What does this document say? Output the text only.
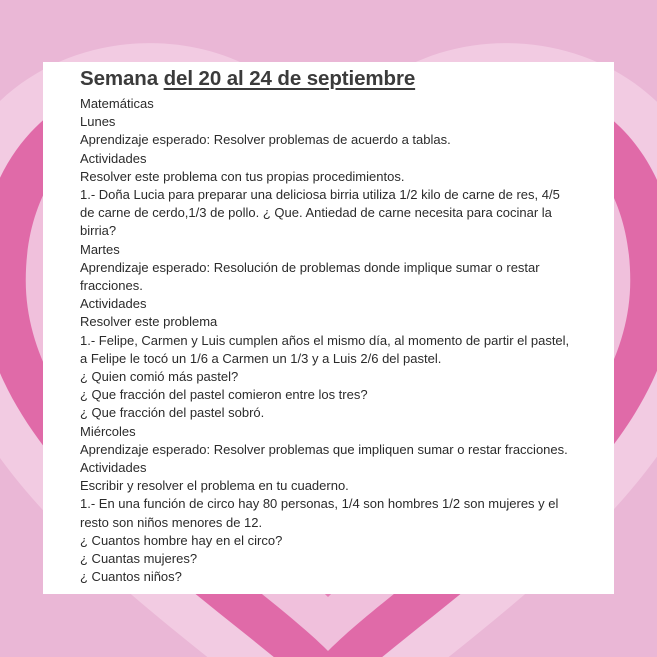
Semana del 20 al 24 de septiembre
Matemáticas
Lunes
Aprendizaje esperado: Resolver problemas de acuerdo a tablas.
Actividades
Resolver este problema con tus propias procedimientos.
1.- Doña Lucia para preparar una deliciosa birria utiliza 1/2 kilo de carne de res, 4/5
de carne de cerdo,1/3 de pollo. ¿ Que. Antiedad de carne necesita para cocinar la
birria?
Martes
Aprendizaje esperado: Resolución de problemas donde implique sumar o restar
fracciones.
Actividades
Resolver este problema
1.- Felipe, Carmen y Luis cumplen años el mismo día, al momento de partir el pastel,
a Felipe le tocó un 1/6 a Carmen un 1/3 y a Luis 2/6 del pastel.
¿ Quien comió más pastel?
¿ Que fracción del pastel comieron entre los tres?
¿ Que fracción del pastel sobró.
Miércoles
Aprendizaje esperado: Resolver problemas que impliquen sumar o restar fracciones.
Actividades
Escribir y resolver el problema en tu cuaderno.
1.- En una función de circo hay 80 personas, 1/4 son hombres 1/2 son mujeres y el
resto son niños menores de 12.
¿ Cuantos hombre hay en el circo?
¿ Cuantas mujeres?
¿ Cuantos niños?
